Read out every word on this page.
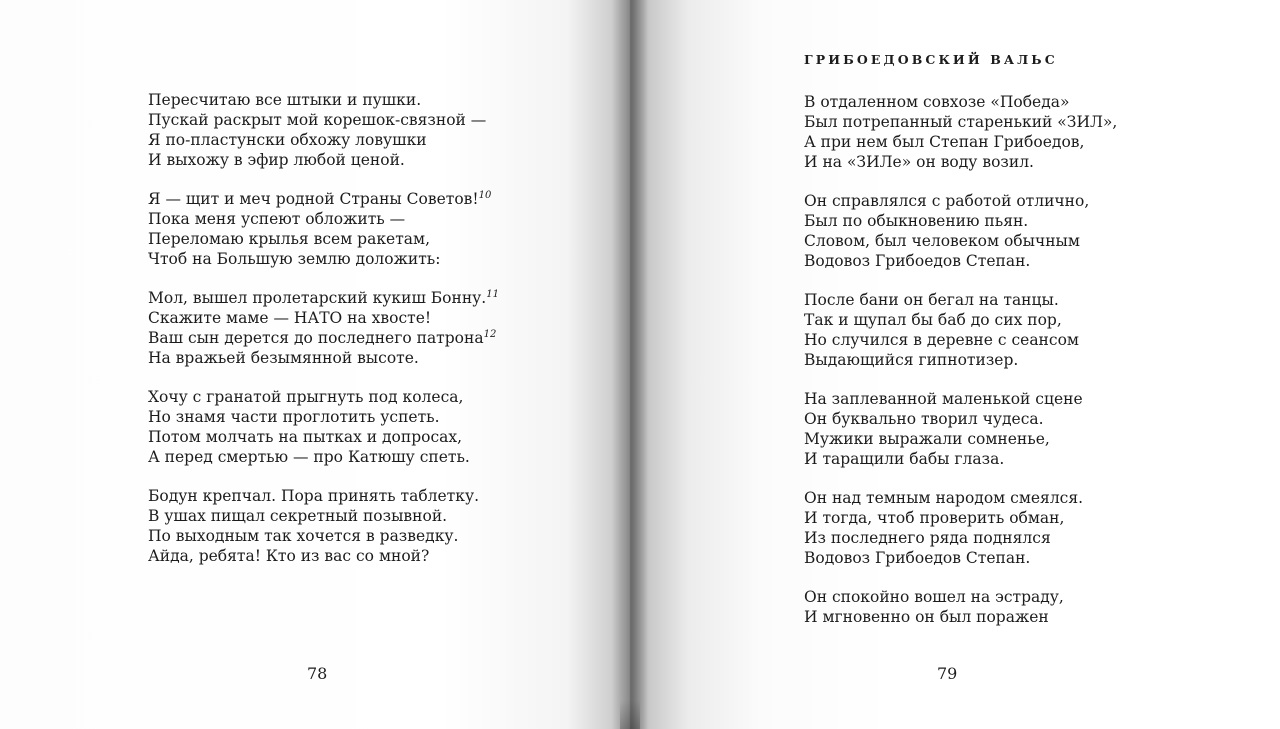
Пересчитаю все штыки и пушки.
Пускай раскрыт мой корешок-связной —
Я по-пластунски обхожу ловушки
И выхожу в эфир любой ценой.
Я — щит и меч родной Страны Советов!$^{10}$
Пока меня успеют обложить —
Переломаю крылья всем ракетам,
Чтоб на Большую землю доложить:
Мол, вышел пролетарский кукиш Бонну.$^{11}$
Скажите маме — НАТО на хвосте!
Ваш сын дерется до последнего патрона$^{12}$
На вражьей безымянной высоте.
Хочу с гранатой прыгнуть под колеса,
Но знамя части проглотить успеть.
Потом молчать на пытках и допросах,
А перед смертью — про Катюшу спеть.
Бодун крепчал. Пора принять таблетку.
В ушах пищал секретный позывной.
По выходным так хочется в разведку.
Айда, ребята! Кто из вас со мной?
78	79
ГРИБОЕДОВСКИЙ ВАЛЬС
В отдаленном совхозе «Победа»
Был потрепанный старенький «ЗИЛ»,
А при нем был Степан Грибоедов,
И на «ЗИЛе» он воду возил.
Он справлялся с работой отлично,
Был по обыкновению пьян.
Словом, был человеком обычным
Водовоз Грибоедов Степан.
После бани он бегал на танцы.
Так и щупал бы баб до сих пор,
Но случился в деревне с сеансом
Выдающийся гипнотизер.
На заплеванной маленькой сцене
Он буквально творил чудеса.
Мужики выражали сомненье,
И таращили бабы глаза.
Он над темным народом смеялся.
И тогда, чтоб проверить обман,
Из последнего ряда поднялся
Водовоз Грибоедов Степан.
Он спокойно вошел на эстраду,
И мгновенно он был поражен
